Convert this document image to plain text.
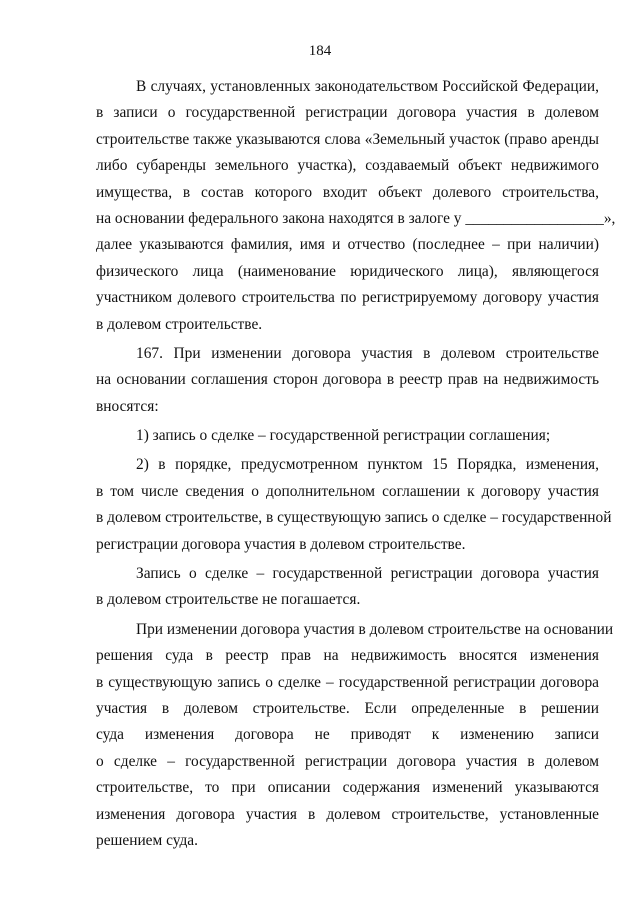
184
В случаях, установленных законодательством Российской Федерации,
в записи о государственной регистрации договора участия в долевом
строительстве также указываются слова «Земельный участок (право аренды
либо субаренды земельного участка), создаваемый объект недвижимого
имущества, в состав которого входит объект долевого строительства,
на основании федерального закона находятся в залоге у __________________»,
далее указываются фамилия, имя и отчество (последнее – при наличии)
физического лица (наименование юридического лица), являющегося
участником долевого строительства по регистрируемому договору участия
в долевом строительстве.
167. При изменении договора участия в долевом строительстве
на основании соглашения сторон договора в реестр прав на недвижимость
вносятся:
1) запись о сделке – государственной регистрации соглашения;
2) в порядке, предусмотренном пунктом 15 Порядка, изменения,
в том числе сведения о дополнительном соглашении к договору участия
в долевом строительстве, в существующую запись о сделке – государственной
регистрации договора участия в долевом строительстве.
Запись о сделке – государственной регистрации договора участия
в долевом строительстве не погашается.
При изменении договора участия в долевом строительстве на основании
решения суда в реестр прав на недвижимость вносятся изменения
в существующую запись о сделке – государственной регистрации договора
участия в долевом строительстве. Если определенные в решении
суда изменения договора не приводят к изменению записи
о сделке – государственной регистрации договора участия в долевом
строительстве, то при описании содержания изменений указываются
изменения договора участия в долевом строительстве, установленные
решением суда.
